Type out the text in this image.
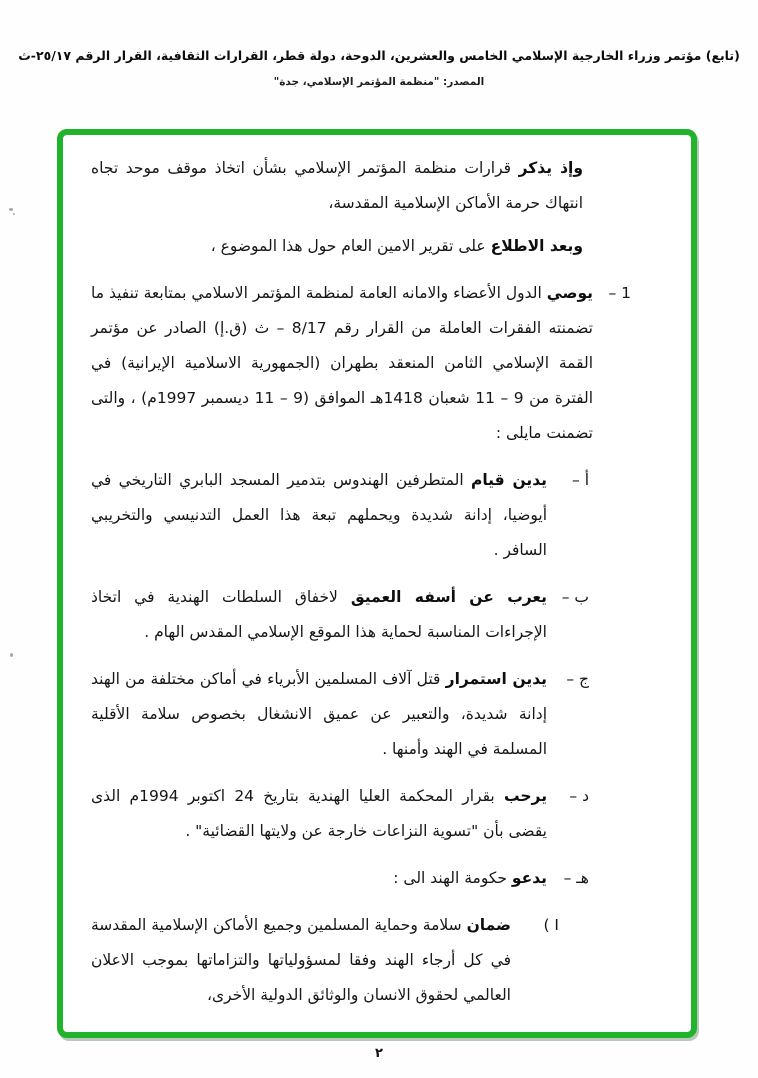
(تابع) مؤتمر وزراء الخارجية الإسلامي الخامس والعشرين، الدوحة، دولة قطر، القرارات الثقافية، القرار الرقم ٢٥/١٧-ث
المصدر: "منظمة المؤتمر الإسلامي، جدة"

وإذ يذكر قرارات منظمة المؤتمر الإسلامي بشأن اتخاذ موقف موحد تجاه انتهاك حرمة الأماكن الإسلامية المقدسة،

وبعد الاطلاع على تقرير الامين العام حول هذا الموضوع ،

1 –

يوصي الدول الأعضاء والامانه العامة لمنظمة المؤتمر الاسلامي بمتابعة تنفيذ ما تضمنته الفقرات العاملة من القرار رقم 8/17 – ث (ق.إ) الصادر عن مؤتمر القمة الإسلامي الثامن المنعقد بطهران (الجمهورية الاسلامية الإيرانية) في الفترة من 9 – 11 شعبان 1418هـ الموافق (9 – 11 ديسمبر 1997م) ، والتى تضمنت مايلى :

أ –

يدين قيام المتطرفين الهندوس بتدمير المسجد البابري التاريخي في أيوضيا، إدانة شديدة ويحملهم تبعة هذا العمل التدنيسي والتخريبي السافر .

ب –

يعرب عن أسفه العميق لاخفاق السلطات الهندية في اتخاذ الإجراءات المناسبة لحماية هذا الموقع الإسلامي المقدس الهام .

ج –

يدين استمرار قتل آلاف المسلمين الأبرياء في أماكن مختلفة من الهند إدانة شديدة، والتعبير عن عميق الانشغال بخصوص سلامة الأقلية المسلمة في الهند وأمنها .

د –

يرحب بقرار المحكمة العليا الهندية بتاريخ 24 اكتوبر 1994م الذى يقضى بأن "تسوية النزاعات خارجة عن ولايتها القضائية" .

هـ –

يدعو حكومة الهند الى :

( I

ضمان سلامة وحماية المسلمين وجميع الأماكن الإسلامية المقدسة في كل أرجاء الهند وفقا لمسؤولياتها والتزاماتها بموجب الاعلان العالمي لحقوق الانسان والوثائق الدولية الأخرى،

٢
